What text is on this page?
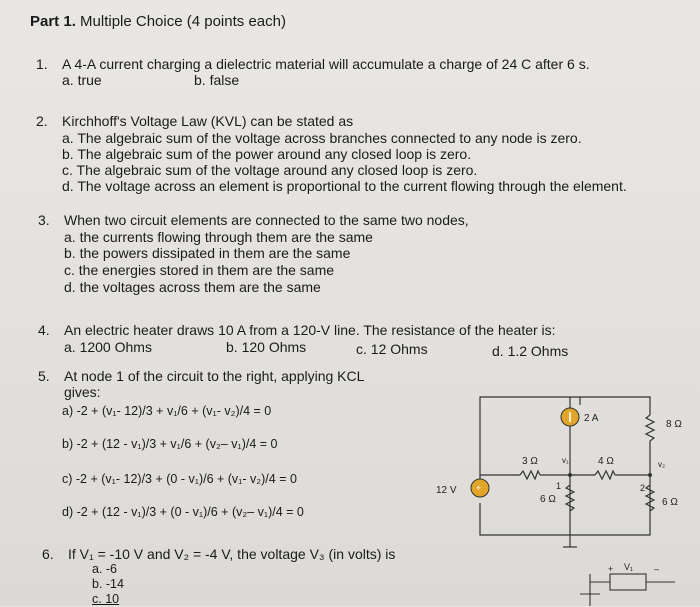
Part 1. Multiple Choice (4 points each)
1. A 4-A current charging a dielectric material will accumulate a charge of 24 C after 6 s.
a. true	b. false
2. Kirchhoff's Voltage Law (KVL) can be stated as
a. The algebraic sum of the voltage across branches connected to any node is zero.
b. The algebraic sum of the power around any closed loop is zero.
c. The algebraic sum of the voltage around any closed loop is zero.
d. The voltage across an element is proportional to the current flowing through the element.
3. When two circuit elements are connected to the same two nodes,
a. the currents flowing through them are the same
b. the powers dissipated in them are the same
c. the energies stored in them are the same
d. the voltages across them are the same
4. An electric heater draws 10 A from a 120-V line. The resistance of the heater is:
a. 1200 Ohms	b. 120 Ohms	c. 12 Ohms	d. 1.2 Ohms
5. At node 1 of the circuit to the right, applying KCL
gives:
a) -2 + (v₁- 12)/3 + v₁/6 + (v₁- v₂)/4 = 0
b) -2 + (12 - v₁)/3 + v₁/6 + (v₂– v₁)/4 = 0
c) -2 + (v₁- 12)/3 + (0 - v₁)/6 + (v₁- v₂)/4 = 0
d) -2 + (12 - v₁)/3 + (0 - v₁)/6 + (v₂– v₁)/4 = 0
6. If V₁ = -10 V and V₂ = -4 V, the voltage V₃ (in volts) is
a. -6
b. -14
c. 10
+
2 A
8 Ω
3 Ω	v₁	4 Ω	v₂
1	2
12 V
6 Ω	6 Ω
V₁
+	–
